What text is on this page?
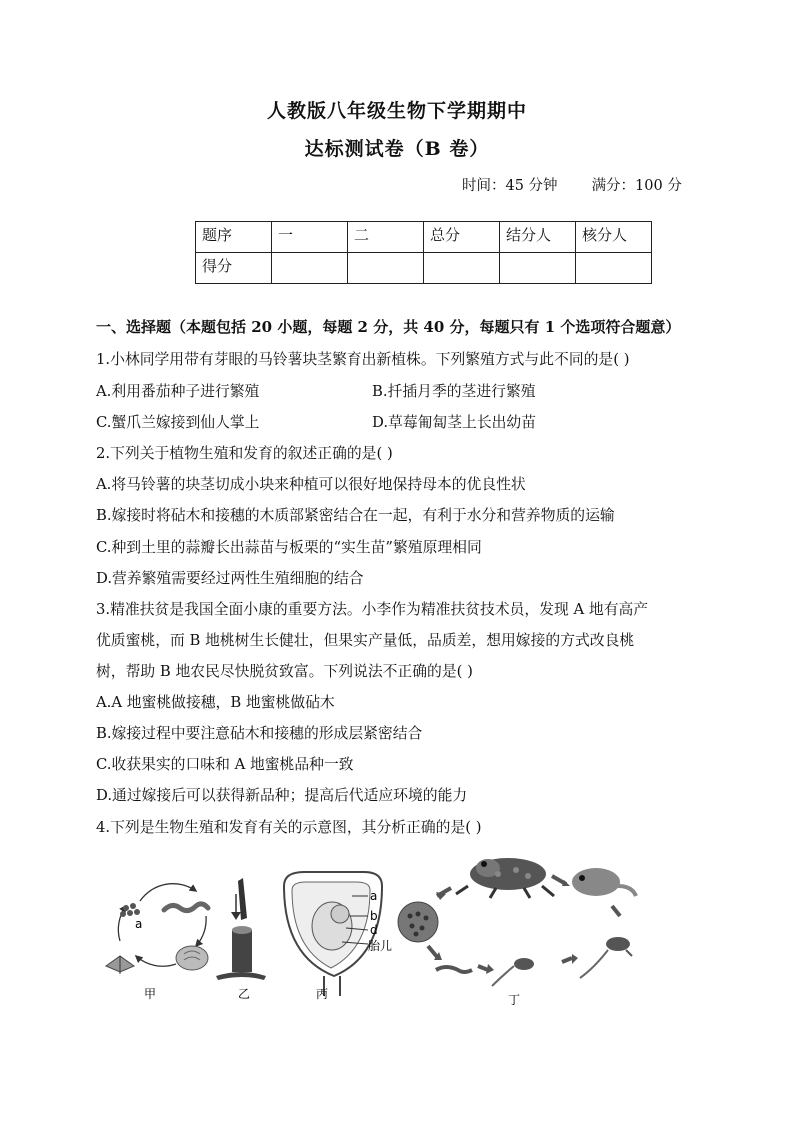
人教版八年级生物下学期期中
达标测试卷（B 卷）
时间：45 分钟 满分：100 分
题序	一	二	总分	结分人	核分人
得分					
一、选择题（本题包括 20 小题，每题 2 分，共 40 分，每题只有 1 个选项符合题意）
1.小林同学用带有芽眼的马铃薯块茎繁育出新植株。下列繁殖方式与此不同的是( )
A.利用番茄种子进行繁殖	B.扦插月季的茎进行繁殖
C.蟹爪兰嫁接到仙人掌上	D.草莓匍匐茎上长出幼苗
2.下列关于植物生殖和发育的叙述正确的是( )
A.将马铃薯的块茎切成小块来种植可以很好地保持母本的优良性状
B.嫁接时将砧木和接穗的木质部紧密结合在一起，有利于水分和营养物质的运输
C.种到土里的蒜瓣长出蒜苗与板栗的“实生苗”繁殖原理相同
D.营养繁殖需要经过两性生殖细胞的结合
3.精准扶贫是我国全面小康的重要方法。小李作为精准扶贫技术员，发现 A 地有高产
优质蜜桃，而 B 地桃树生长健壮，但果实产量低，品质差，想用嫁接的方式改良桃
树，帮助 B 地农民尽快脱贫致富。下列说法不正确的是( )
A.A 地蜜桃做接穗，B 地蜜桃做砧木
B.嫁接过程中要注意砧木和接穗的形成层紧密结合
C.收获果实的口味和 A 地蜜桃品种一致
D.通过嫁接后可以获得新品种；提高后代适应环境的能力
4.下列是生物生殖和发育有关的示意图，其分析正确的是( )
a
甲	乙
a
b
d
胎儿
丙	丁
